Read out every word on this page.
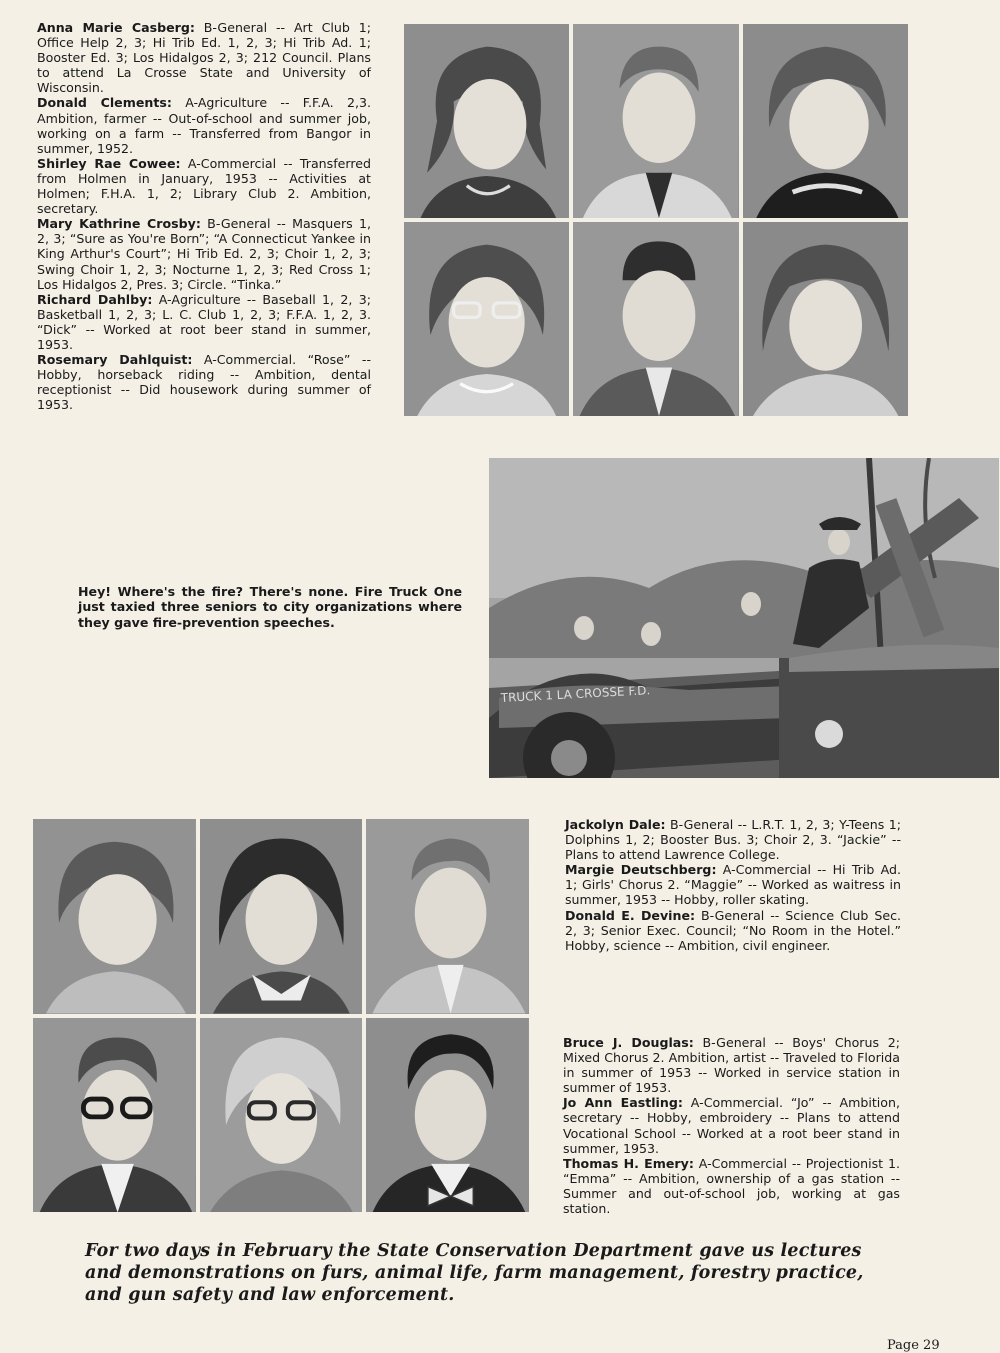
Anna Marie Casberg: B-General -- Art Club 1; Office Help 2, 3; Hi Trib Ed. 1, 2, 3; Hi Trib Ad. 1; Booster Ed. 3; Los Hidalgos 2, 3; 212 Council. Plans to attend La Crosse State and University of Wisconsin.

Donald Clements: A-Agriculture -- F.F.A. 2,3. Ambition, farmer -- Out-of-school and summer job, working on a farm -- Transferred from Bangor in summer, 1952.

Shirley Rae Cowee: A-Commercial -- Transferred from Holmen in January, 1953 -- Activities at Holmen; F.H.A. 1, 2; Library Club 2. Ambition, secretary.

Mary Kathrine Crosby: B-General -- Masquers 1, 2, 3; “Sure as You're Born”; “A Connecticut Yankee in King Arthur's Court”; Hi Trib Ed. 2, 3; Choir 1, 2, 3; Swing Choir 1, 2, 3; Nocturne 1, 2, 3; Red Cross 1; Los Hidalgos 2, Pres. 3; Circle. “Tinka.”

Richard Dahlby: A-Agriculture -- Baseball 1, 2, 3; Basketball 1, 2, 3; L. C. Club 1, 2, 3; F.F.A. 1, 2, 3. “Dick” -- Worked at root beer stand in summer, 1953.

Rosemary Dahlquist: A-Commercial. “Rose” -- Hobby, horseback riding -- Ambition, dental receptionist -- Did housework during summer of 1953.

Hey! Where's the fire? There's none. Fire Truck One just taxied three seniors to city organizations where they gave fire-prevention speeches.

TRUCK 1 LA CROSSE F.D.

Jackolyn Dale: B-General -- L.R.T. 1, 2, 3; Y-Teens 1; Dolphins 1, 2; Booster Bus. 3; Choir 2, 3. “Jackie” -- Plans to attend Lawrence College.

Margie Deutschberg: A-Commercial -- Hi Trib Ad. 1; Girls' Chorus 2. “Maggie” -- Worked as waitress in summer, 1953 -- Hobby, roller skating.

Donald E. Devine: B-General -- Science Club Sec. 2, 3; Senior Exec. Council; “No Room in the Hotel.” Hobby, science -- Ambition, civil engineer.

Bruce J. Douglas: B-General -- Boys' Chorus 2; Mixed Chorus 2. Ambition, artist -- Traveled to Florida in summer of 1953 -- Worked in service station in summer of 1953.

Jo Ann Eastling: A-Commercial. “Jo” -- Ambition, secretary -- Hobby, embroidery -- Plans to attend Vocational School -- Worked at a root beer stand in summer, 1953.

Thomas H. Emery: A-Commercial -- Projectionist 1. “Emma” -- Ambition, ownership of a gas station -- Summer and out-of-school job, working at gas station.

For two days in February the State Conservation Department gave us lectures and demonstrations on furs, animal life, farm management, forestry practice, and gun safety and law enforcement.

Page 29
